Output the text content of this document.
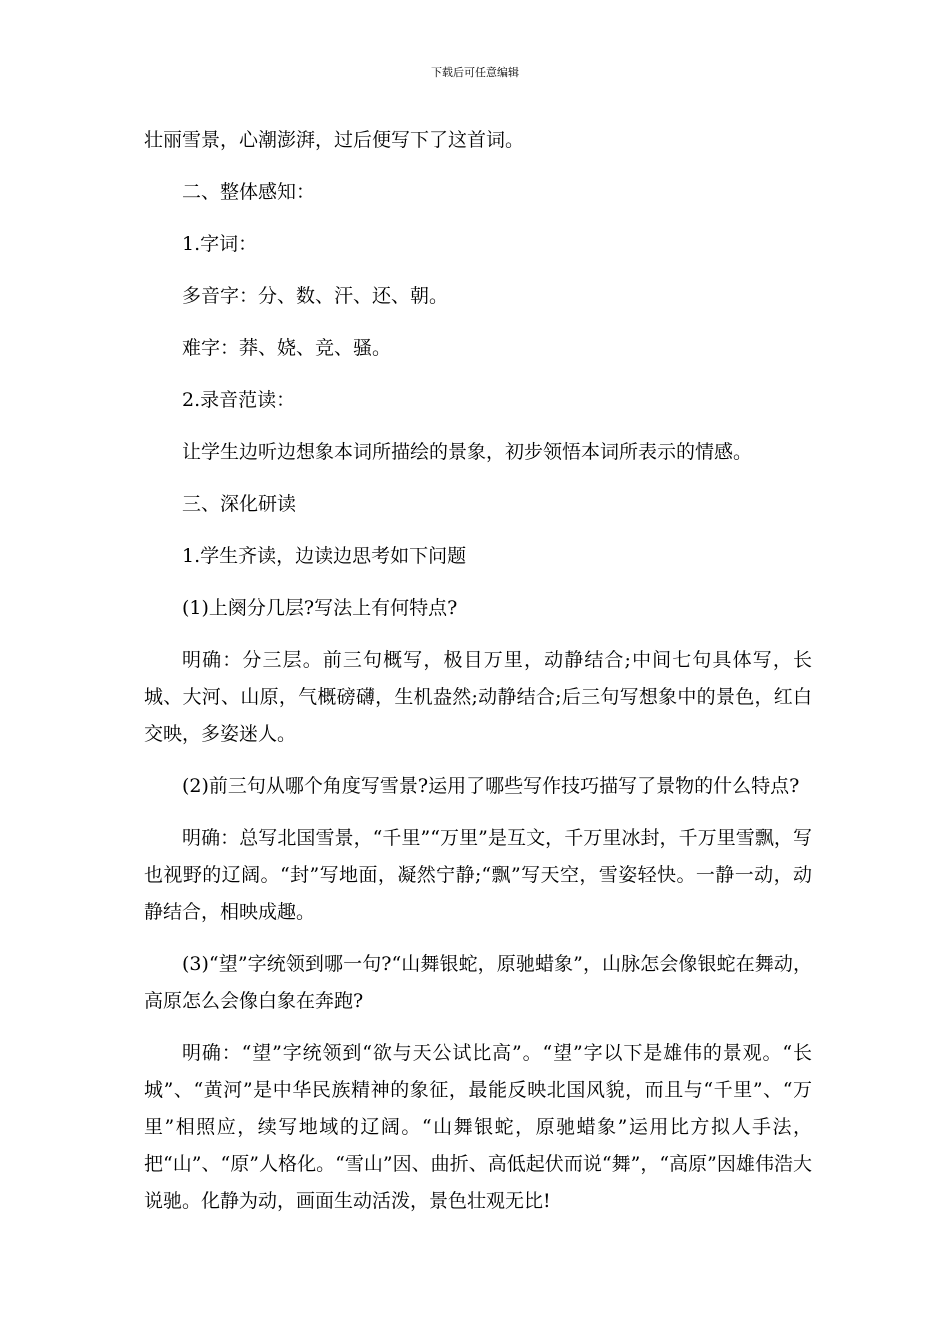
下载后可任意编辑

壮丽雪景，心潮澎湃，过后便写下了这首词。

二、整体感知：

1.字词：

多音字：分、数、汗、还、朝。

难字：莽、娆、竞、骚。

2.录音范读：

让学生边听边想象本词所描绘的景象，初步领悟本词所表示的情感。

三、深化研读

1.学生齐读，边读边思考如下问题

(1)上阕分几层?写法上有何特点?

明确：分三层。前三句概写，极目万里，动静结合;中间七句具体写，长城、大河、山原，气概磅礴，生机盎然;动静结合;后三句写想象中的景色，红白交映，多姿迷人。

(2)前三句从哪个角度写雪景?运用了哪些写作技巧描写了景物的什么特点?

明确：总写北国雪景，“千里”“万里”是互文，千万里冰封，千万里雪飘，写也视野的辽阔。“封”写地面，凝然宁静;“飘”写天空，雪姿轻快。一静一动，动静结合，相映成趣。

(3)“望”字统领到哪一句?“山舞银蛇，原驰蜡象”，山脉怎会像银蛇在舞动，高原怎么会像白象在奔跑?

明确：“望”字统领到“欲与天公试比高”。“望”字以下是雄伟的景观。“长城”、“黄河”是中华民族精神的象征，最能反映北国风貌，而且与“千里”、“万里”相照应，续写地域的辽阔。“山舞银蛇，原驰蜡象”运用比方拟人手法，把“山”、“原”人格化。“雪山”因、曲折、高低起伏而说“舞”，“高原”因雄伟浩大说驰。化静为动，画面生动活泼，景色壮观无比!
